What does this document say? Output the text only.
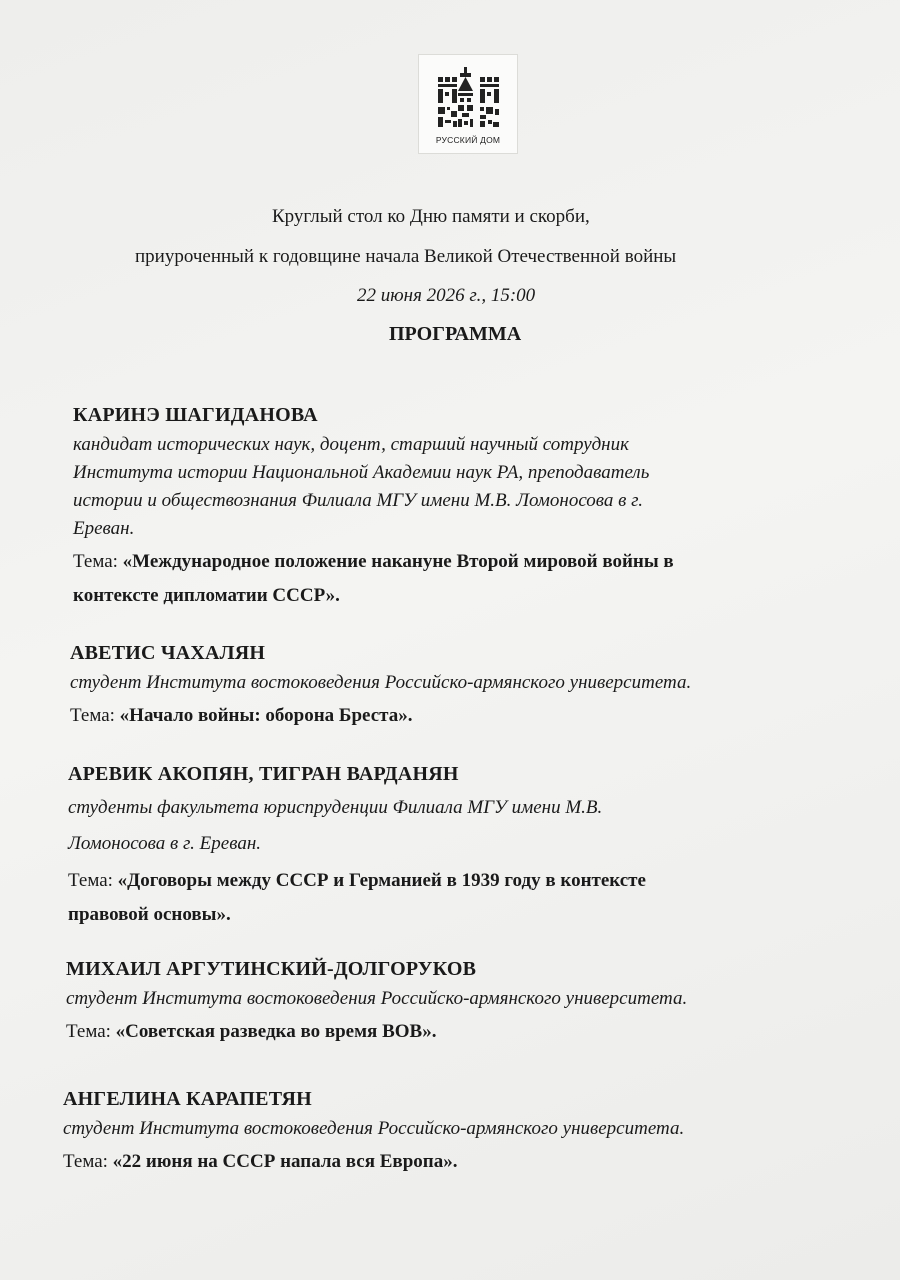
РУССКИЙ ДОМ
Круглый стол ко Дню памяти и скорби,
приуроченный к годовщине начала Великой Отечественной войны
22 июня 2026 г., 15:00
ПРОГРАММА
КАРИНЭ ШАГИДАНОВА

кандидат исторических наук, доцент, старший научный сотрудник
Института истории Национальной Академии наук РА, преподаватель
истории и обществознания Филиала МГУ имени М.В. Ломоносова в г.
Ереван.

Тема: «Международное положение накануне Второй мировой войны в
контексте дипломатии СССР».

АВЕТИС ЧАХАЛЯН

студент Института востоковедения Российско-армянского университета.

Тема: «Начало войны: оборона Бреста».

АРЕВИК АКОПЯН, ТИГРАН ВАРДАНЯН

студенты факультета юриспруденции Филиала МГУ имени М.В.
Ломоносова в г. Ереван.

Тема: «Договоры между СССР и Германией в 1939 году в контексте
правовой основы».

МИХАИЛ АРГУТИНСКИЙ-ДОЛГОРУКОВ

студент Института востоковедения Российско-армянского университета.

Тема: «Советская разведка во время ВОВ».

АНГЕЛИНА КАРАПЕТЯН

студент Института востоковедения Российско-армянского университета.

Тема: «22 июня на СССР напала вся Европа».
